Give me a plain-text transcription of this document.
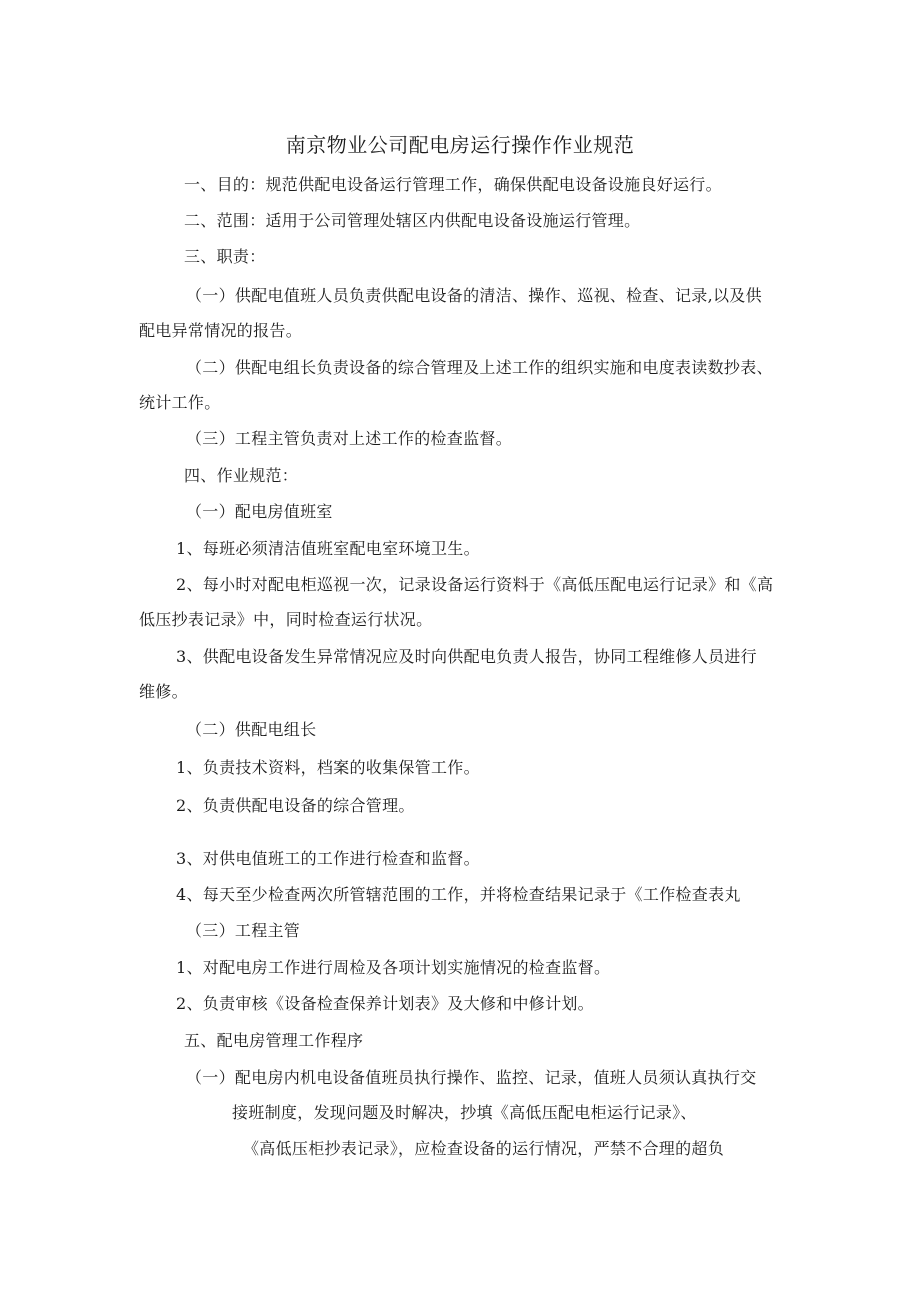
南京物业公司配电房运行操作作业规范
一、目的：规范供配电设备运行管理工作，确保供配电设备设施良好运行。
二、范围：适用于公司管理处辖区内供配电设备设施运行管理。
三、职责：
（一）供配电值班人员负责供配电设备的清洁、操作、巡视、检查、记录,以及供
配电异常情况的报告。
（二）供配电组长负责设备的综合管理及上述工作的组织实施和电度表读数抄表、
统计工作。
（三）工程主管负责对上述工作的检查监督。
四、作业规范：
（一）配电房值班室
1、每班必须清洁值班室配电室环境卫生。
2、每小时对配电柜巡视一次，记录设备运行资料于《高低压配电运行记录》和《高
低压抄表记录》中，同时检查运行状况。
3、供配电设备发生异常情况应及时向供配电负责人报告，协同工程维修人员进行
维修。
（二）供配电组长
1、负责技术资料，档案的收集保管工作。
2、负责供配电设备的综合管理。
3、对供电值班工的工作进行检查和监督。
4、每天至少检查两次所管辖范围的工作，并将检查结果记录于《工作检查表丸
（三）工程主管
1、对配电房工作进行周检及各项计划实施情况的检查监督。
2、负责审核《设备检查保养计划表》及大修和中修计划。
五、配电房管理工作程序
（一）配电房内机电设备值班员执行操作、监控、记录，值班人员须认真执行交
接班制度，发现问题及时解决，抄填《高低压配电柜运行记录》、
《高低压柜抄表记录》，应检查设备的运行情况，严禁不合理的超负
